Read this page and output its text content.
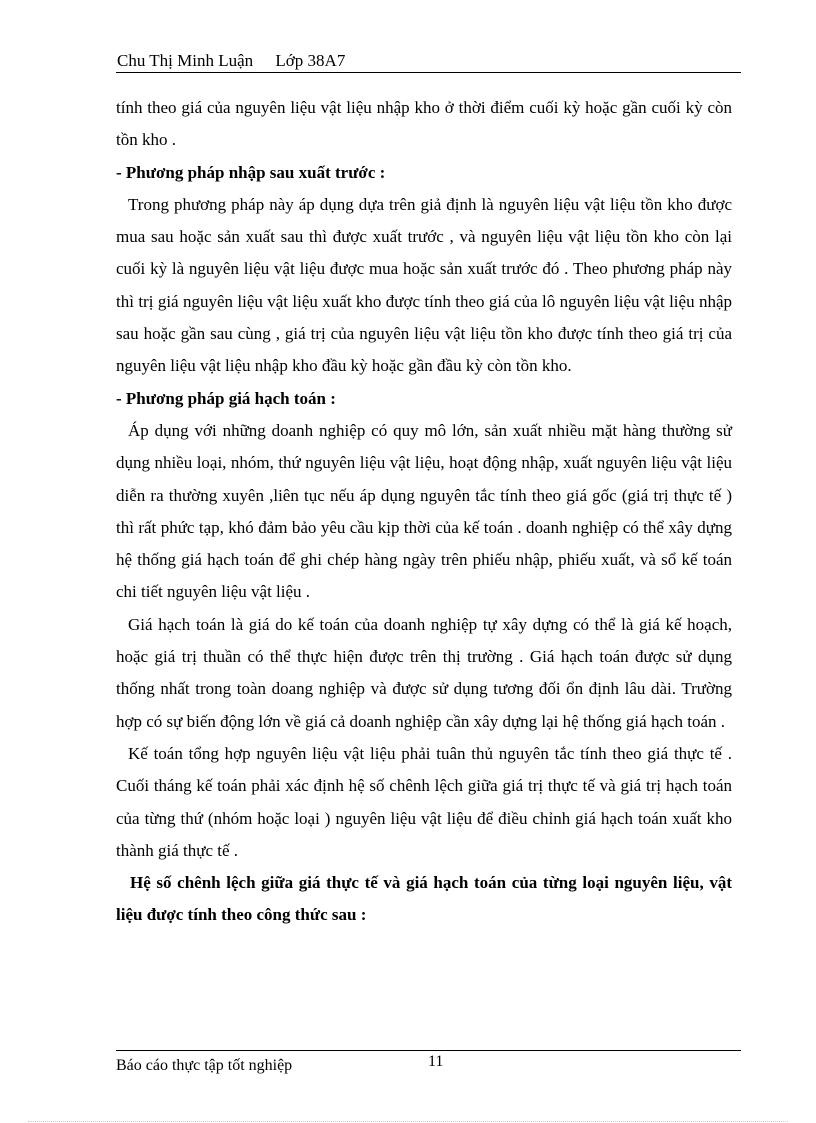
Chu Thị Minh Luận Lớp 38A7

tính theo giá của nguyên liệu vật liệu nhập kho ở thời điểm cuối kỳ hoặc gần cuối kỳ còn tồn kho .

- Phương pháp nhập sau xuất trước :

Trong phương pháp này áp dụng dựa trên giả định là nguyên liệu vật liệu tồn kho được mua sau hoặc sản xuất sau thì được xuất trước , và nguyên liệu vật liệu tồn kho còn lại cuối kỳ là nguyên liệu vật liệu được mua hoặc sản xuất trước đó . Theo phương pháp này thì trị giá nguyên liệu vật liệu xuất kho được tính theo giá của lô nguyên liệu vật liệu nhập sau hoặc gần sau cùng , giá trị của nguyên liệu vật liệu tồn kho được tính theo giá trị của nguyên liệu vật liệu nhập kho đầu kỳ hoặc gần đầu kỳ còn tồn kho.

- Phương pháp giá hạch toán :

Áp dụng với những doanh nghiệp có quy mô lớn, sản xuất nhiều mặt hàng thường sử dụng nhiều loại, nhóm, thứ nguyên liệu vật liệu, hoạt động nhập, xuất nguyên liệu vật liệu diễn ra thường xuyên ,liên tục nếu áp dụng nguyên tắc tính theo giá gốc (giá trị thực tế ) thì rất phức tạp, khó đảm bảo yêu cầu kịp thời của kế toán . doanh nghiệp có thể xây dựng hệ thống giá hạch toán để ghi chép hàng ngày trên phiếu nhập, phiếu xuất, và sổ kế toán chi tiết nguyên liệu vật liệu .

Giá hạch toán là giá do kế toán của doanh nghiệp tự xây dựng có thể là giá kế hoạch, hoặc giá trị thuần có thể thực hiện được trên thị trường . Giá hạch toán được sử dụng thống nhất trong toàn doang nghiệp và được sử dụng tương đối ổn định lâu dài. Trường hợp có sự biến động lớn về giá cả doanh nghiệp cần xây dựng lại hệ thống giá hạch toán .

Kế toán tổng hợp nguyên liệu vật liệu phải tuân thủ nguyên tắc tính theo giá thực tế . Cuối tháng kế toán phải xác định hệ số chênh lệch giữa giá trị thực tế và giá trị hạch toán của từng thứ (nhóm hoặc loại ) nguyên liệu vật liệu để điều chỉnh giá hạch toán xuất kho thành giá thực tế .

Hệ số chênh lệch giữa giá thực tế và giá hạch toán của từng loại nguyên liệu, vật liệu được tính theo công thức sau :

Báo cáo thực tập tốt nghiệp	11
